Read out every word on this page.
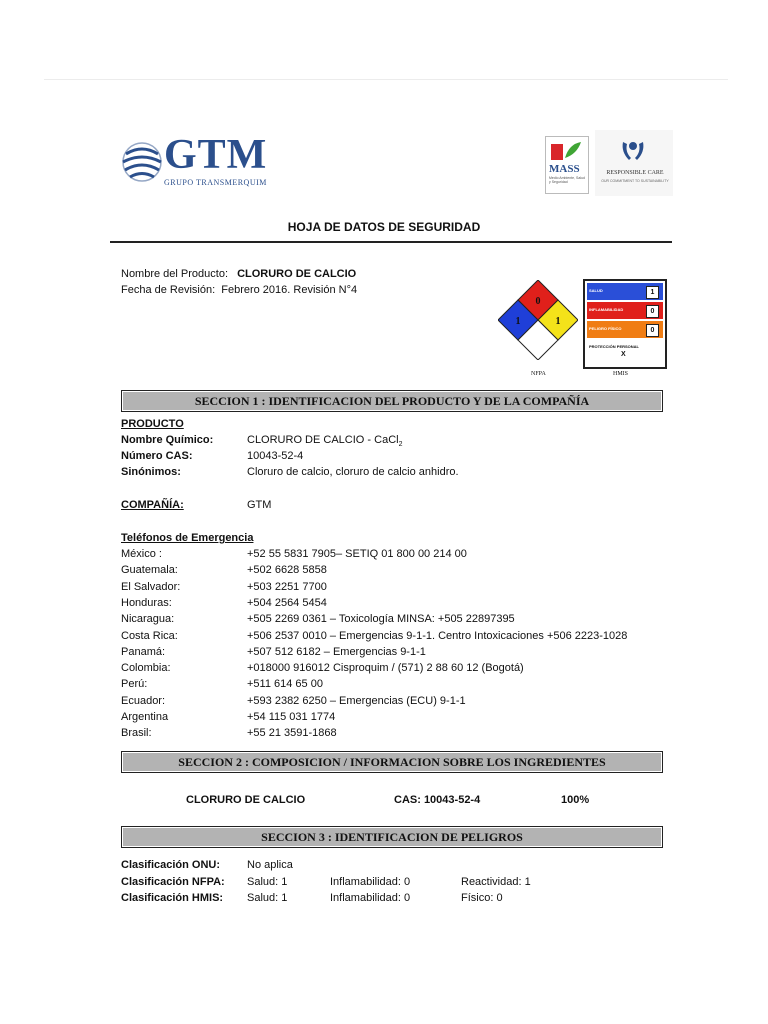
GTM
GRUPO TRANSMERQUIM
MASS
Medio Ambiente, Salud y Seguridad
RESPONSIBLE CARE
OUR COMMITMENT TO SUSTAINABILITY
HOJA DE DATOS DE SEGURIDAD
Nombre del Producto: CLORURO DE CALCIO
Fecha de Revisión: Febrero 2016. Revisión N°4
0
1	1
NFPA
SALUD	1
INFLAMABILIDAD	0
PELIGRO FÍSICO	0
PROTECCIÓN PERSONAL
X
HMIS
SECCION 1 : IDENTIFICACION DEL PRODUCTO Y DE LA COMPAÑÍA
PRODUCTO
Nombre Químico:	CLORURO DE CALCIO - CaCl$_2$
Número CAS:	10043-52-4
Sinónimos:	Cloruro de calcio, cloruro de calcio anhidro.
COMPAÑÍA:	GTM
Teléfonos de Emergencia
México :	+52 55 5831 7905– SETIQ 01 800 00 214 00
Guatemala:	+502 6628 5858
El Salvador:	+503 2251 7700
Honduras:	+504 2564 5454
Nicaragua:	+505 2269 0361 – Toxicología MINSA: +505 22897395
Costa Rica:	+506 2537 0010 – Emergencias 9-1-1. Centro Intoxicaciones +506 2223-1028
Panamá:	+507 512 6182 – Emergencias 9-1-1
Colombia:	+018000 916012 Cisproquim / (571) 2 88 60 12 (Bogotá)
Perú:	+511 614 65 00
Ecuador:	+593 2382 6250 – Emergencias (ECU) 9-1-1
Argentina	+54 115 031 1774
Brasil:	+55 21 3591-1868
SECCION 2 : COMPOSICION / INFORMACION SOBRE LOS INGREDIENTES
CLORURO DE CALCIO	CAS: 10043-52-4	100%
SECCION 3 : IDENTIFICACION DE PELIGROS
Clasificación ONU: No aplica
Clasificación NFPA: Salud: 1	Inflamabilidad: 0	Reactividad: 1
Clasificación HMIS: Salud: 1	Inflamabilidad: 0	Físico: 0
